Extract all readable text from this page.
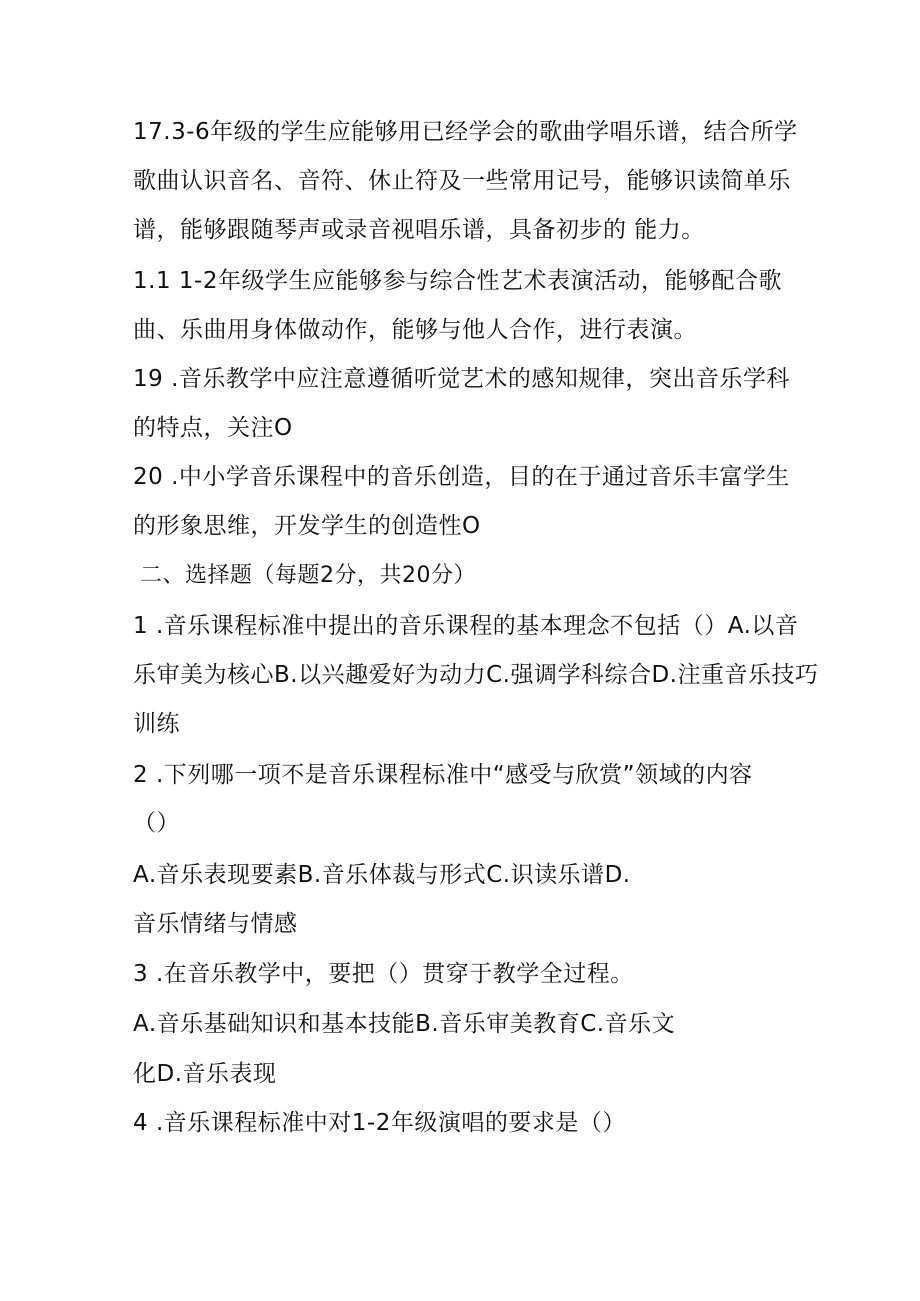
17.3-6年级的学生应能够用已经学会的歌曲学唱乐谱，结合所学
歌曲认识音名、音符、休止符及一些常用记号，能够识读简单乐
谱，能够跟随琴声或录音视唱乐谱，具备初步的 能力。
1.1 1-2年级学生应能够参与综合性艺术表演活动，能够配合歌
曲、乐曲用身体做动作，能够与他人合作，进行表演。
19 .音乐教学中应注意遵循听觉艺术的感知规律，突出音乐学科
的特点，关注O
20 .中小学音乐课程中的音乐创造，目的在于通过音乐丰富学生
的形象思维，开发学生的创造性O
二、选择题（每题2分，共20分）
1 .音乐课程标准中提出的音乐课程的基本理念不包括（）A.以音
乐审美为核心B.以兴趣爱好为动力C.强调学科综合D.注重音乐技巧
训练
2 .下列哪一项不是音乐课程标准中“感受与欣赏”领域的内容
（）
A.音乐表现要素B.音乐体裁与形式C.识读乐谱D.
音乐情绪与情感
3 .在音乐教学中，要把（）贯穿于教学全过程。
A.音乐基础知识和基本技能B.音乐审美教育C.音乐文
化D.音乐表现
4 .音乐课程标准中对1-2年级演唱的要求是（）
